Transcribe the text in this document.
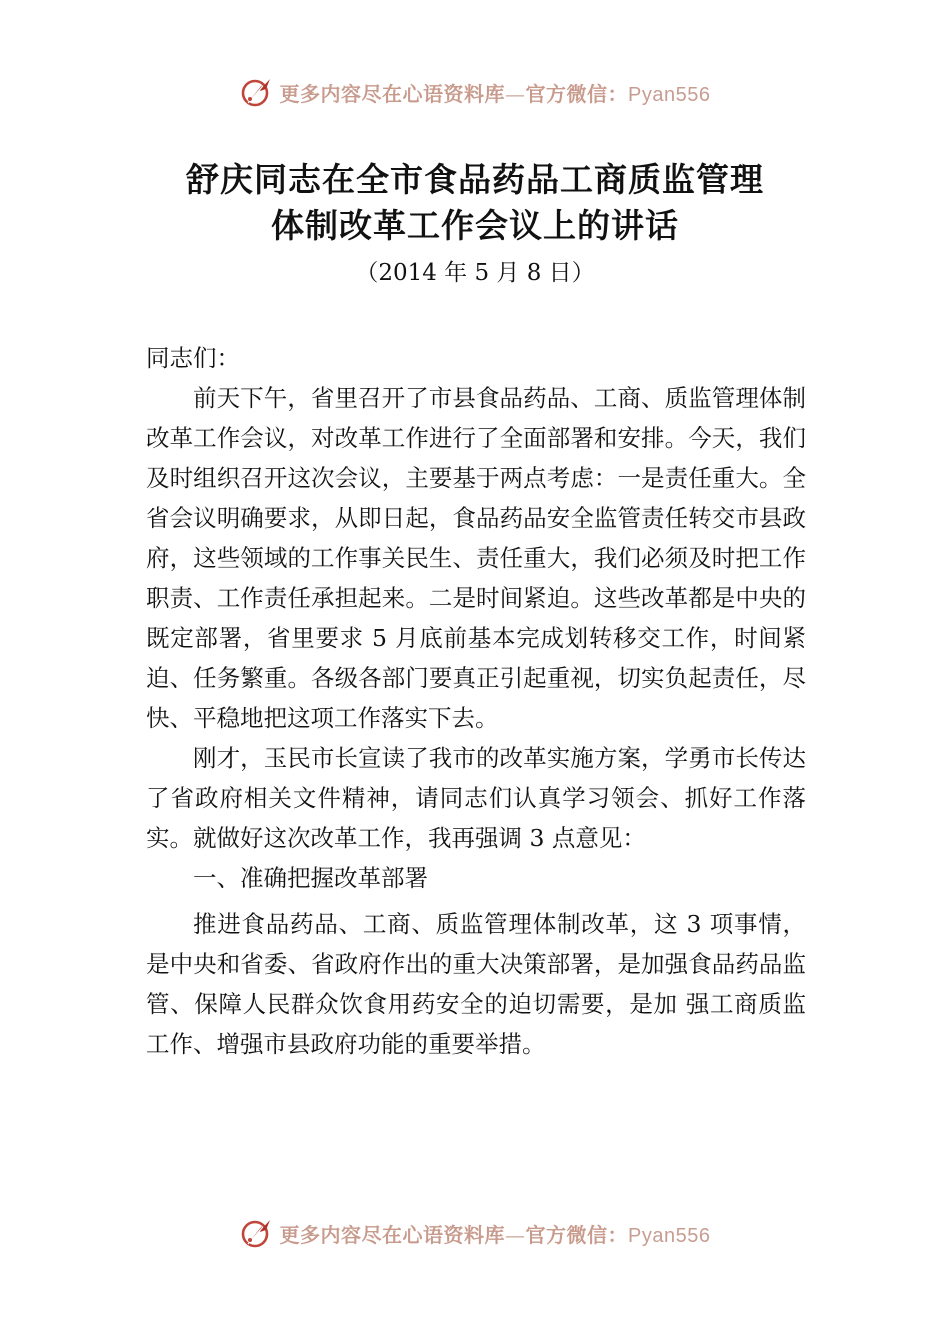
更多内容尽在心语资料库—官方微信：Pyan556
舒庆同志在全市食品药品工商质监管理
体制改革工作会议上的讲话
（2014 年 5 月 8 日）

同志们：

前天下午，省里召开了市县食品药品、工商、质监管理体制改革工作会议，对改革工作进行了全面部署和安排。今天，我们及时组织召开这次会议，主要基于两点考虑：一是责任重大。全省会议明确要求，从即日起，食品药品安全监管责任转交市县政府，这些领域的工作事关民生、责任重大，我们必须及时把工作职责、工作责任承担起来。二是时间紧迫。这些改革都是中央的既定部署，省里要求 5 月底前基本完成划转移交工作，时间紧迫、任务繁重。各级各部门要真正引起重视，切实负起责任，尽快、平稳地把这项工作落实下去。

刚才，玉民市长宣读了我市的改革实施方案，学勇市长传达了省政府相关文件精神，请同志们认真学习领会、抓好工作落实。就做好这次改革工作，我再强调 3 点意见：

一、准确把握改革部署

推进食品药品、工商、质监管理体制改革，这 3 项事情，是中央和省委、省政府作出的重大决策部署，是加强食品药品监管、保障人民群众饮食用药安全的迫切需要，是加 强工商质监工作、增强市县政府功能的重要举措。

更多内容尽在心语资料库—官方微信：Pyan556
